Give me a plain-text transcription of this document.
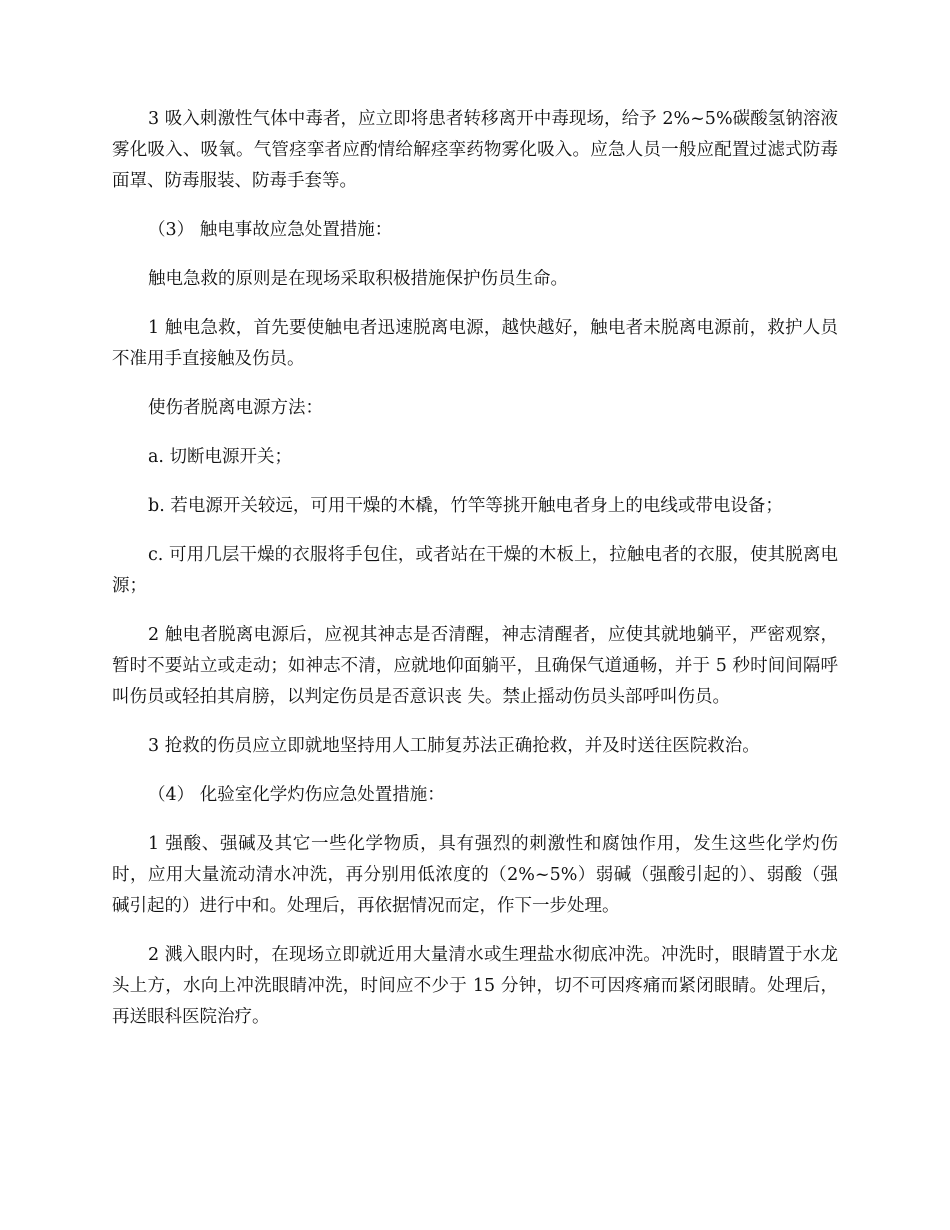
3 吸入刺激性气体中毒者，应立即将患者转移离开中毒现场，给予 2%~5%碳酸氢钠溶液雾化吸入、吸氧。气管痉挛者应酌情给解痉挛药物雾化吸入。应急人员一般应配置过滤式防毒面罩、防毒服装、防毒手套等。

（3） 触电事故应急处置措施：

触电急救的原则是在现场采取积极措施保护伤员生命。

1 触电急救，首先要使触电者迅速脱离电源，越快越好，触电者未脱离电源前，救护人员不准用手直接触及伤员。

使伤者脱离电源方法：

a. 切断电源开关；

b. 若电源开关较远，可用干燥的木橇，竹竿等挑开触电者身上的电线或带电设备；

c. 可用几层干燥的衣服将手包住，或者站在干燥的木板上，拉触电者的衣服，使其脱离电源；

2 触电者脱离电源后，应视其神志是否清醒，神志清醒者，应使其就地躺平，严密观察，暂时不要站立或走动；如神志不清，应就地仰面躺平，且确保气道通畅，并于 5 秒时间间隔呼叫伤员或轻拍其肩膀，以判定伤员是否意识丧 失。禁止摇动伤员头部呼叫伤员。

3 抢救的伤员应立即就地坚持用人工肺复苏法正确抢救，并及时送往医院救治。

（4） 化验室化学灼伤应急处置措施：

1 强酸、强碱及其它一些化学物质，具有强烈的刺激性和腐蚀作用，发生这些化学灼伤时，应用大量流动清水冲洗，再分别用低浓度的（2%~5%）弱碱（强酸引起的）、弱酸（强碱引起的）进行中和。处理后，再依据情况而定，作下一步处理。

2 溅入眼内时，在现场立即就近用大量清水或生理盐水彻底冲洗。冲洗时，眼睛置于水龙头上方，水向上冲洗眼睛冲洗，时间应不少于 15 分钟，切不可因疼痛而紧闭眼睛。处理后，再送眼科医院治疗。
